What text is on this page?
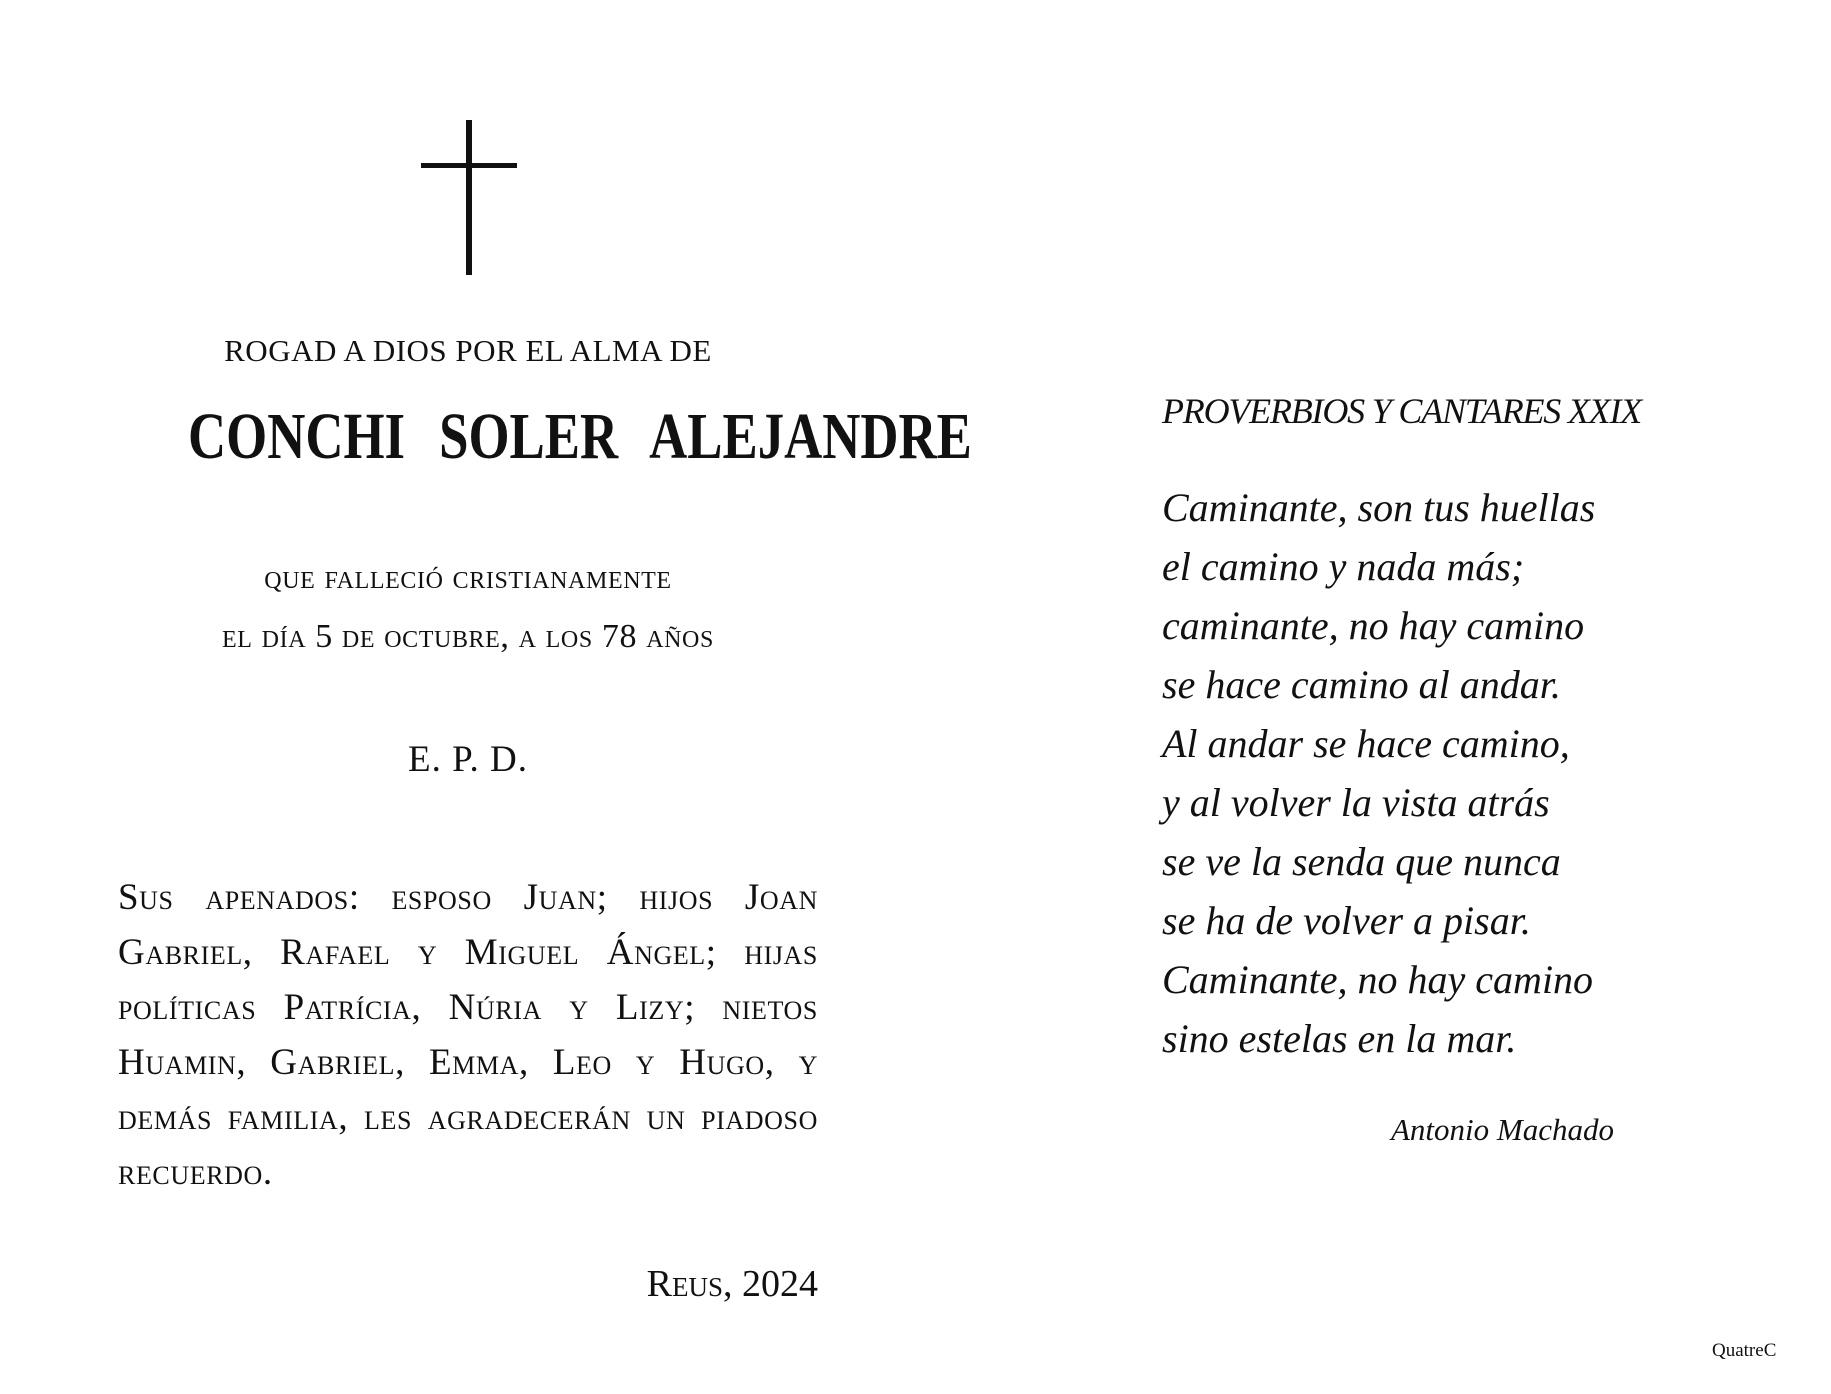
ROGAD A DIOS POR EL ALMA DE
CONCHI SOLER ALEJANDRE
que falleció cristianamente
el día 5 de octubre, a los 78 años
E. P. D.
Sus apenados: esposo Juan; hijos Joan Gabriel, Rafael y Miguel Ángel; hijas políticas Patrícia, Núria y Lizy; nietos Huamin, Gabriel, Emma, Leo y Hugo, y demás familia, les agradecerán un piadoso recuerdo.
Reus, 2024
PROVERBIOS Y CANTARES XXIX
Caminante, son tus huellas
el camino y nada más;
caminante, no hay camino
se hace camino al andar.
Al andar se hace camino,
y al volver la vista atrás
se ve la senda que nunca
se ha de volver a pisar.
Caminante, no hay camino
sino estelas en la mar.
Antonio Machado
QuatreC
